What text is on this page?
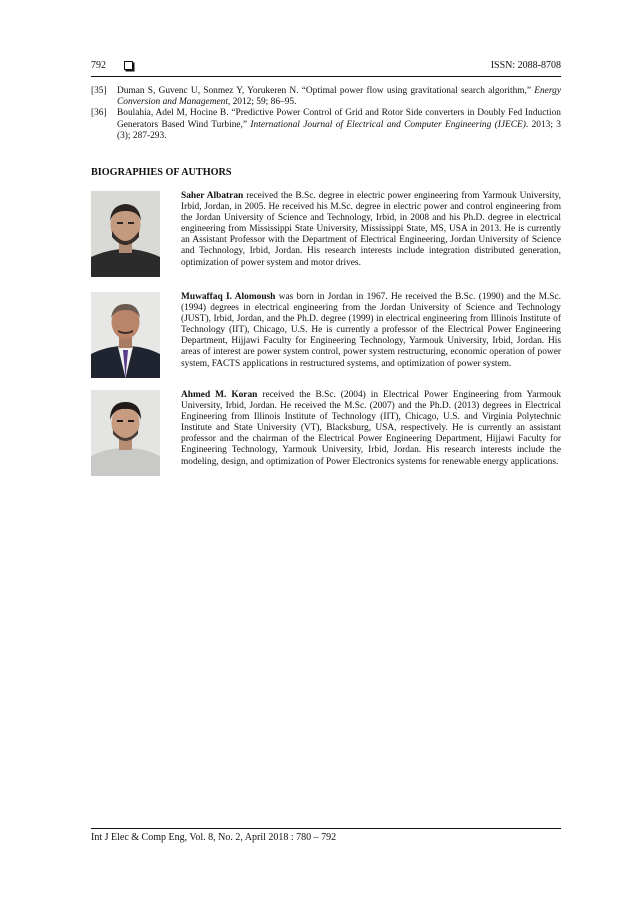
792	ISSN: 2088-8708
[35] Duman S, Guvenc U, Sonmez Y, Yorukeren N. “Optimal power flow using gravitational search algorithm,” Energy Conversion and Management, 2012; 59; 86–95.
[36] Boulahia, Adel M, Hocine B. “Predictive Power Control of Grid and Rotor Side converters in Doubly Fed Induction Generators Based Wind Turbine,” International Journal of Electrical and Computer Engineering (IJECE). 2013; 3 (3); 287-293.
BIOGRAPHIES OF AUTHORS
Saher Albatran received the B.Sc. degree in electric power engineering from Yarmouk University, Irbid, Jordan, in 2005. He received his M.Sc. degree in electric power and control engineering from the Jordan University of Science and Technology, Irbid, in 2008 and his Ph.D. degree in electrical engineering from Mississippi State University, Mississippi State, MS, USA in 2013. He is currently an Assistant Professor with the Department of Electrical Engineering, Jordan University of Science and Technology, Irbid, Jordan. His research interests include integration distributed generation, optimization of power system and motor drives.
Muwaffaq I. Alomoush was born in Jordan in 1967. He received the B.Sc. (1990) and the M.Sc. (1994) degrees in electrical engineering from the Jordan University of Science and Technology (JUST), Irbid, Jordan, and the Ph.D. degree (1999) in electrical engineering from Illinois Institute of Technology (IIT), Chicago, U.S. He is currently a professor of the Electrical Power Engineering Department, Hijjawi Faculty for Engineering Technology, Yarmouk University, Irbid, Jordan. His areas of interest are power system control, power system restructuring, economic operation of power system, FACTS applications in restructured systems, and optimization of power system.
Ahmed M. Koran received the B.Sc. (2004) in Electrical Power Engineering from Yarmouk University, Irbid, Jordan. He received the M.Sc. (2007) and the Ph.D. (2013) degrees in Electrical Engineering from Illinois Institute of Technology (IIT), Chicago, U.S. and Virginia Polytechnic Institute and State University (VT), Blacksburg, USA, respectively. He is currently an assistant professor and the chairman of the Electrical Power Engineering Department, Hijjawi Faculty for Engineering Technology, Yarmouk University, Irbid, Jordan. His research interests include the modeling, design, and optimization of Power Electronics systems for renewable energy applications.
Int J Elec & Comp Eng, Vol. 8, No. 2, April 2018 : 780 – 792
